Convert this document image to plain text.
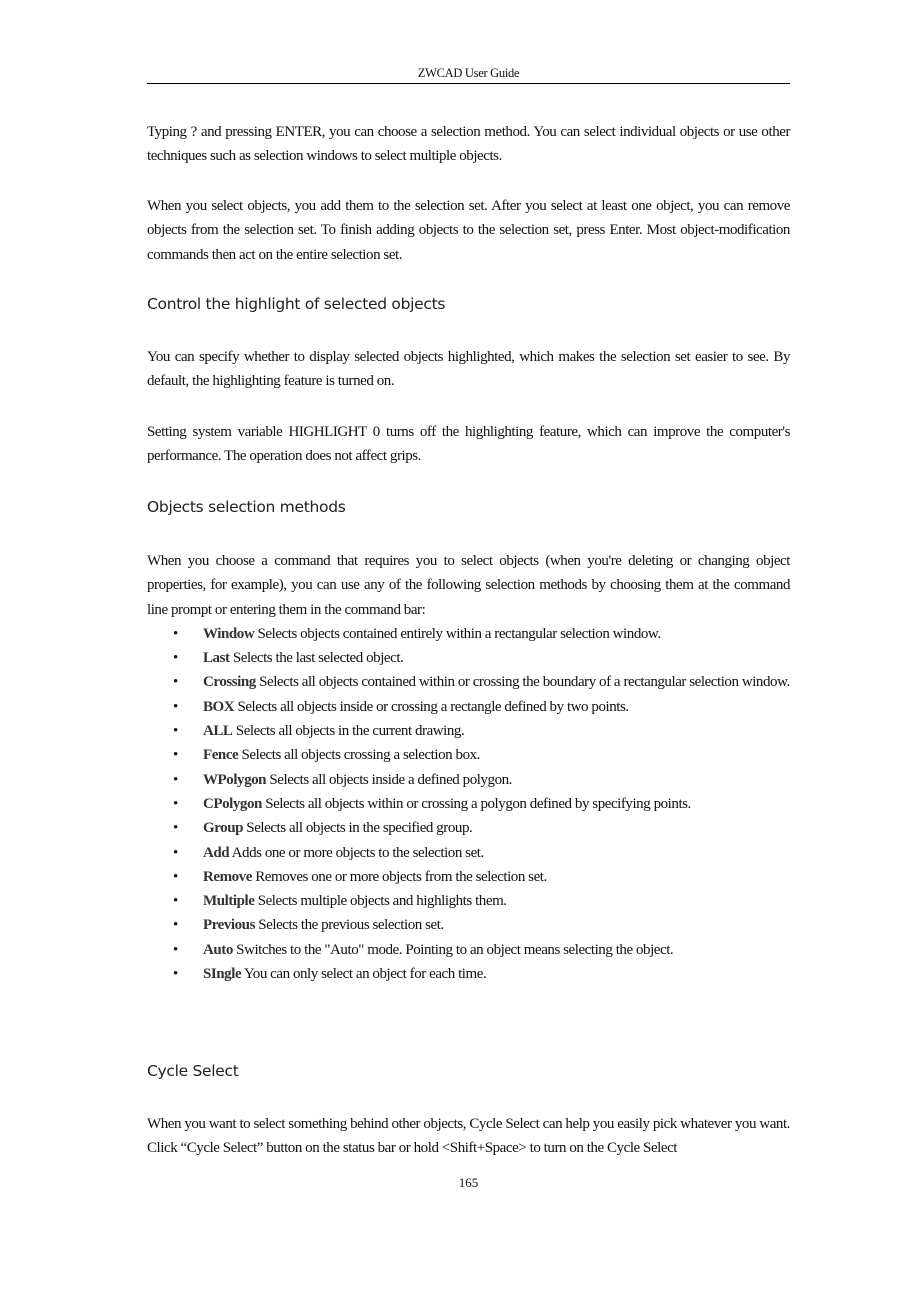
ZWCAD User Guide

Typing ? and pressing ENTER, you can choose a selection method. You can select individual objects or use other techniques such as selection windows to select multiple objects.

When you select objects, you add them to the selection set. After you select at least one object, you can remove objects from the selection set. To finish adding objects to the selection set, press Enter. Most object-modification commands then act on the entire selection set.

Control the highlight of selected objects

You can specify whether to display selected objects highlighted, which makes the selection set easier to see. By default, the highlighting feature is turned on.

Setting system variable HIGHLIGHT 0 turns off the highlighting feature, which can improve the computer's performance. The operation does not affect grips.

Objects selection methods

When you choose a command that requires you to select objects (when you're deleting or changing object properties, for example), you can use any of the following selection methods by choosing them at the command line prompt or entering them in the command bar:

• Window Selects objects contained entirely within a rectangular selection window.
• Last Selects the last selected object.
• Crossing Selects all objects contained within or crossing the boundary of a rectangular selection window.
• BOX Selects all objects inside or crossing a rectangle defined by two points.
• ALL Selects all objects in the current drawing.
• Fence Selects all objects crossing a selection box.
• WPolygon Selects all objects inside a defined polygon.
• CPolygon Selects all objects within or crossing a polygon defined by specifying points.
• Group Selects all objects in the specified group.
• Add Adds one or more objects to the selection set.
• Remove Removes one or more objects from the selection set.
• Multiple Selects multiple objects and highlights them.
• Previous Selects the previous selection set.
• Auto Switches to the "Auto" mode. Pointing to an object means selecting the object.
• SIngle You can only select an object for each time.
Cycle Select

When you want to select something behind other objects, Cycle Select can help you easily pick whatever you want. Click “Cycle Select” button on the status bar or hold <Shift+Space> to turn on the Cycle Select

165
